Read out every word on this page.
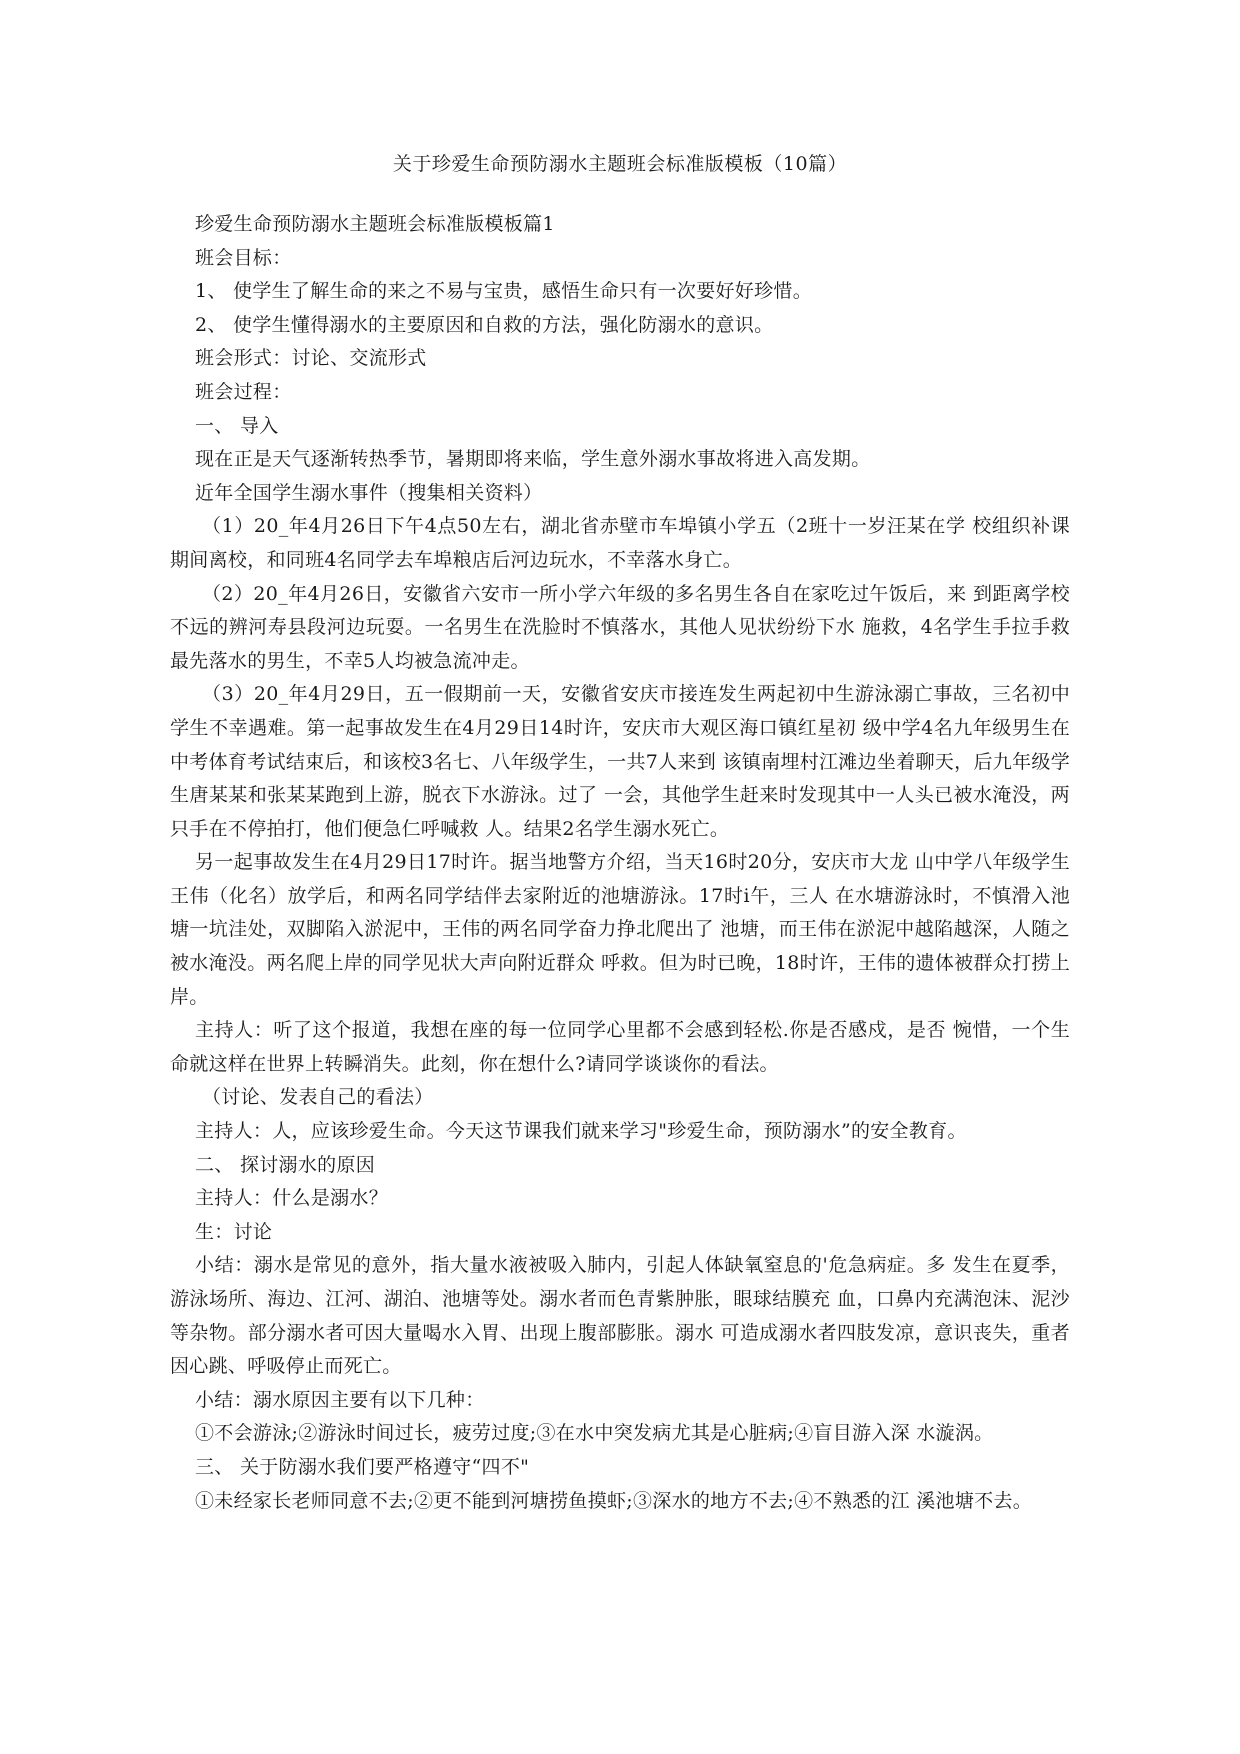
关于珍爱生命预防溺水主题班会标准版模板（10篇）

珍爱生命预防溺水主题班会标准版模板篇1

班会目标：

1、 使学生了解生命的来之不易与宝贵，感悟生命只有一次要好好珍惜。

2、 使学生懂得溺水的主要原因和自救的方法，强化防溺水的意识。

班会形式：讨论、交流形式

班会过程：

一、 导入

现在正是天气逐渐转热季节，暑期即将来临，学生意外溺水事故将进入高发期。

近年全国学生溺水事件（搜集相关资料）

（1）20_年4月26日下午4点50左右，湖北省赤壁市车埠镇小学五（2班十一岁汪某在学 校组织补课期间离校，和同班4名同学去车埠粮店后河边玩水，不幸落水身亡。

（2）20_年4月26日，安徽省六安市一所小学六年级的多名男生各自在家吃过午饭后，来 到距离学校不远的辨河寿县段河边玩耍。一名男生在洗脸时不慎落水，其他人见状纷纷下水 施救，4名学生手拉手救最先落水的男生，不幸5人均被急流冲走。

（3）20_年4月29日，五一假期前一天，安徽省安庆市接连发生两起初中生游泳溺亡事故，三名初中学生不幸遇难。第一起事故发生在4月29日14时许，安庆市大观区海口镇红星初 级中学4名九年级男生在中考体育考试结束后，和该校3名七、八年级学生，一共7人来到 该镇南埋村江滩边坐着聊天，后九年级学生唐某某和张某某跑到上游，脱衣下水游泳。过了 一会，其他学生赶来时发现其中一人头已被水淹没，两只手在不停拍打，他们便急仁呼喊救 人。结果2名学生溺水死亡。

另一起事故发生在4月29日17时许。据当地警方介绍，当天16时20分，安庆市大龙 山中学八年级学生王伟（化名）放学后，和两名同学结伴去家附近的池塘游泳。17时i午，三人 在水塘游泳时，不慎滑入池塘一坑洼处，双脚陷入淤泥中，王伟的两名同学奋力挣北爬出了 池塘，而王伟在淤泥中越陷越深，人随之被水淹没。两名爬上岸的同学见状大声向附近群众 呼救。但为时已晚，18时许，王伟的遗体被群众打捞上岸。

主持人：听了这个报道，我想在座的每一位同学心里都不会感到轻松.你是否感戍，是否 惋惜，一个生命就这样在世界上转瞬消失。此刻，你在想什么?请同学谈谈你的看法。

（讨论、发表自己的看法）

主持人：人，应该珍爱生命。今天这节课我们就来学习"珍爱生命，预防溺水”的安全教育。

二、 探讨溺水的原因

主持人：什么是溺水？

生：讨论

小结：溺水是常见的意外，指大量水液被吸入肺内，引起人体缺氧窒息的'危急病症。多 发生在夏季，游泳场所、海边、江河、湖泊、池塘等处。溺水者而色青紫肿胀，眼球结膜充 血，口鼻内充满泡沫、泥沙等杂物。部分溺水者可因大量喝水入胃、出现上腹部膨胀。溺水 可造成溺水者四肢发凉，意识丧失，重者因心跳、呼吸停止而死亡。

小结：溺水原因主要有以下几种：

①不会游泳;②游泳时间过长，疲劳过度;③在水中突发病尤其是心脏病;④盲目游入深 水漩涡。

三、 关于防溺水我们要严格遵守“四不"

①未经家长老师同意不去;②更不能到河塘捞鱼摸虾;③深水的地方不去;④不熟悉的江 溪池塘不去。
